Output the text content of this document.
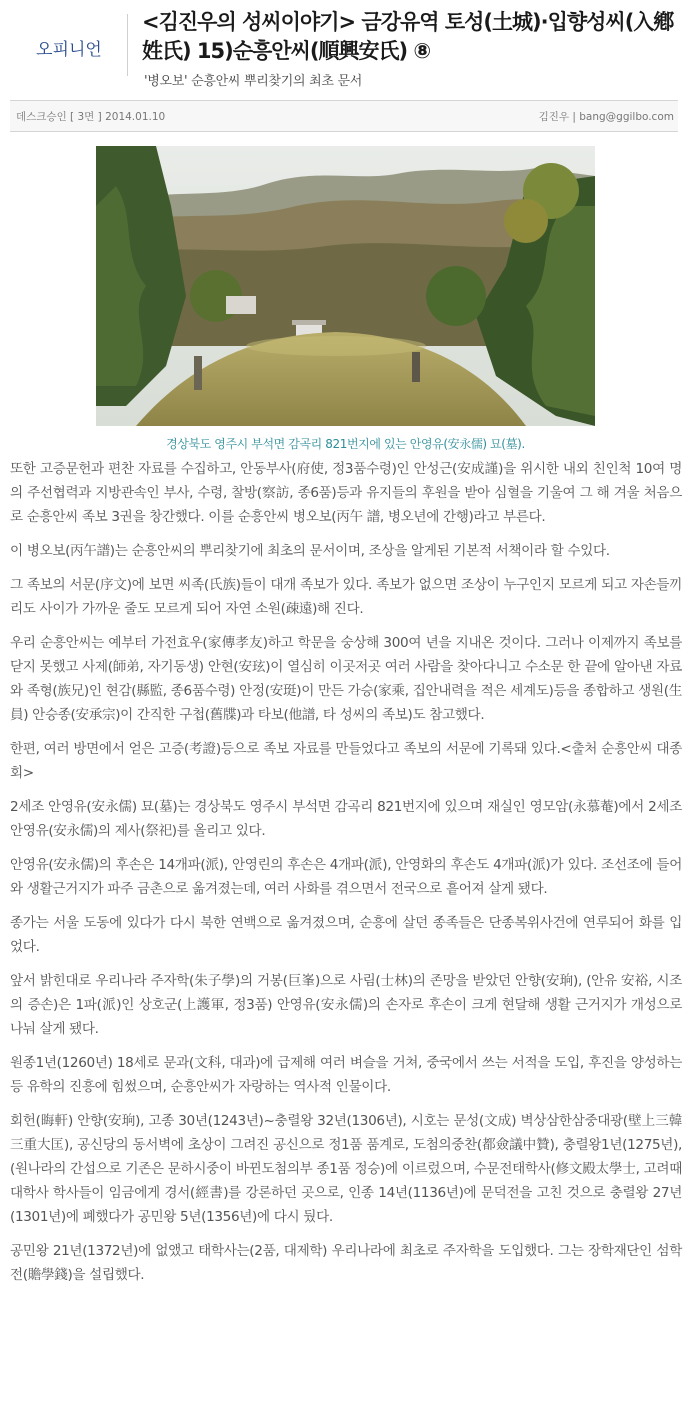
오피니언
<김진우의 성씨이야기> 금강유역 토성(土城)·입향성씨(入鄕姓氏) 15)순흥안씨(順興安氏) ⑧
'병오보' 순흥안씨 뿌리찾기의 최초 문서
데스크승인 [ 3면 ] 2014.01.10	김진우 | bang@ggilbo.com
경상북도 영주시 부석면 감곡리 821번지에 있는 안영유(安永儒) 묘(墓).

또한 고증문헌과 편찬 자료를 수집하고, 안동부사(府使, 정3품수령)인 안성근(安成謹)을 위시한 내외 친인척 10여 명의 주선협력과 지방관속인 부사, 수령, 찰방(察訪, 종6품)등과 유지들의 후원을 받아 심혈을 기울여 그 해 겨울 처음으로 순흥안씨 족보 3권을 창간했다. 이를 순흥안씨 병오보(丙午 譜, 병오년에 간행)라고 부른다.

이 병오보(丙午譜)는 순흥안씨의 뿌리찾기에 최초의 문서이며, 조상을 알게된 기본적 서책이라 할 수있다.

그 족보의 서문(序文)에 보면 씨족(氏族)들이 대개 족보가 있다. 족보가 없으면 조상이 누구인지 모르게 되고 자손들끼리도 사이가 가까운 줄도 모르게 되어 자연 소원(疎遠)해 진다.

우리 순흥안씨는 예부터 가전효우(家傳孝友)하고 학문을 숭상해 300여 년을 지내온 것이다. 그러나 이제까지 족보를 닫지 못했고 사제(師弟, 자기동생) 안현(安玹)이 열심히 이곳저곳 여러 사람을 찾아다니고 수소문 한 끝에 알아낸 자료와 족형(族兄)인 현감(縣監, 종6품수령) 안정(安珽)이 만든 가승(家乘, 집안내력을 적은 세계도)등을 종합하고 생원(生員) 안승종(安承宗)이 간직한 구첩(舊牒)과 타보(他譜, 타 성씨의 족보)도 참고했다.

한편, 여러 방면에서 얻은 고증(考證)등으로 족보 자료를 만들었다고 족보의 서문에 기록돼 있다.<출처 순흥안씨 대종회>

2세조 안영유(安永儒) 묘(墓)는 경상북도 영주시 부석면 감곡리 821번지에 있으며 재실인 영모암(永慕菴)에서 2세조 안영유(安永儒)의 제사(祭祀)를 올리고 있다.

안영유(安永儒)의 후손은 14개파(派), 안영린의 후손은 4개파(派), 안영화의 후손도 4개파(派)가 있다. 조선조에 들어와 생활근거지가 파주 금촌으로 옮겨졌는데, 여러 사화를 겪으면서 전국으로 흩어져 살게 됐다.

종가는 서울 도동에 있다가 다시 북한 연백으로 옮겨졌으며, 순흥에 살던 종족들은 단종복위사건에 연루되어 화를 입었다.

앞서 밝힌대로 우리나라 주자학(朱子學)의 거봉(巨峯)으로 사림(士林)의 존망을 받았던 안향(安珦), (안유 安裕, 시조의 증손)은 1파(派)인 상호군(上護軍, 정3품) 안영유(安永儒)의 손자로 후손이 크게 현달해 생활 근거지가 개성으로 나눠 살게 됐다.

원종1년(1260년) 18세로 문과(文科, 대과)에 급제해 여러 벼슬을 거쳐, 중국에서 쓰는 서적을 도입, 후진을 양성하는 등 유학의 진흥에 힘썼으며, 순흥안씨가 자랑하는 역사적 인물이다.

회헌(晦軒) 안향(安珦), 고종 30년(1243년)~충렬왕 32년(1306년), 시호는 문성(文成) 벽상삼한삼중대광(壁上三韓三重大匡), 공신당의 동서벽에 초상이 그려진 공신으로 정1품 품계로, 도첨의중찬(都僉議中贊), 충렬왕1년(1275년), (원나라의 간섭으로 기존은 문하시중이 바뀐도첨의부 종1품 정승)에 이르렀으며, 수문전태학사(修文殿太學士, 고려때 대학사 학사들이 임금에게 경서(經書)를 강론하던 곳으로, 인종 14년(1136년)에 문덕전을 고친 것으로 충렬왕 27년(1301년)에 폐했다가 공민왕 5년(1356년)에 다시 뒀다.

공민왕 21년(1372년)에 없앴고 태학사는(2품, 대제학) 우리나라에 최초로 주자학을 도입했다. 그는 장학재단인 섬학전(贍學錢)을 설립했다.
